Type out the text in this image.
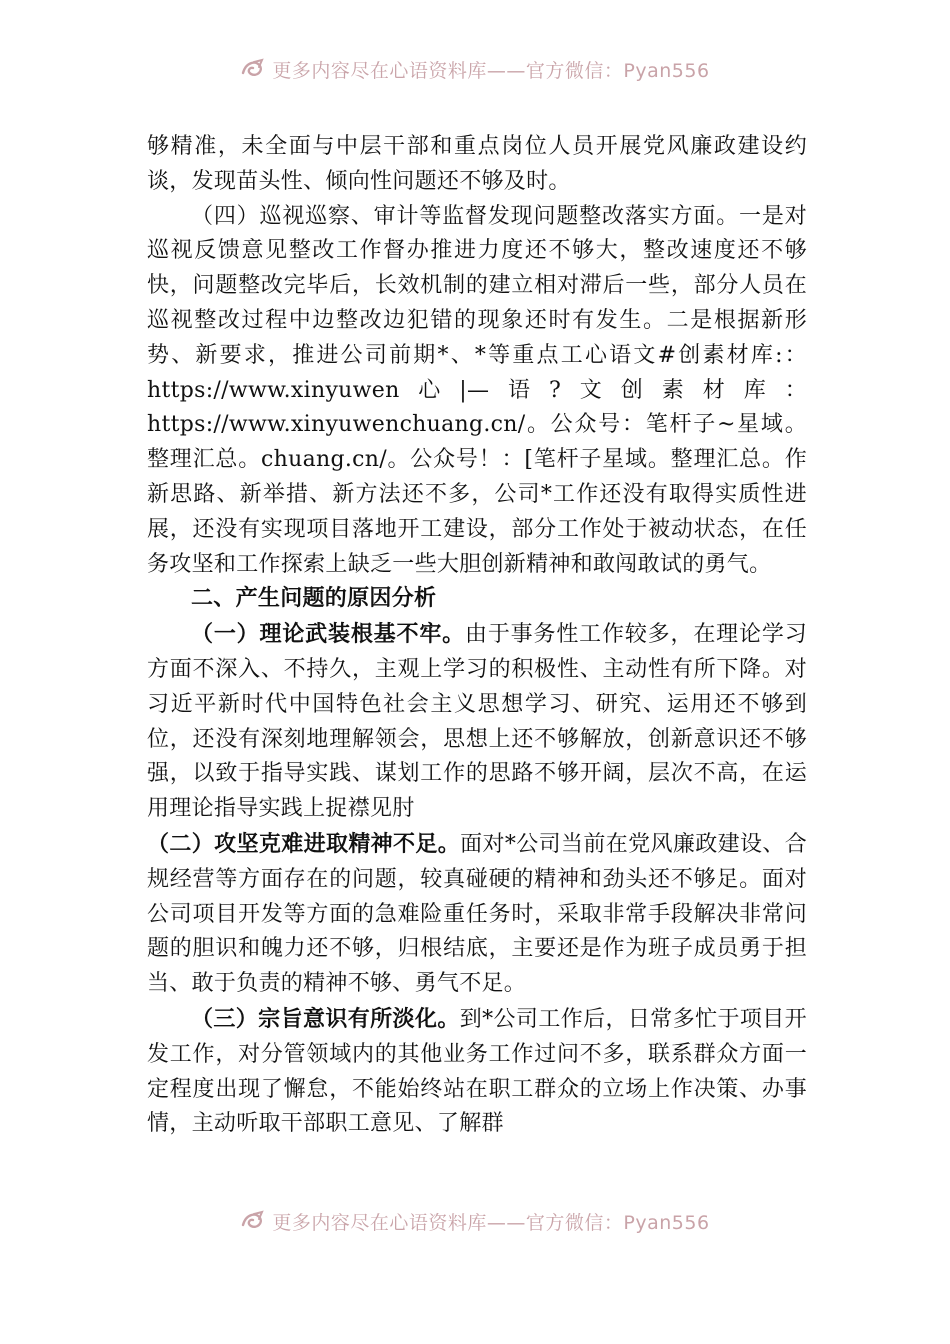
更多内容尽在心语资料库——官方微信：Pyan556

够精准，未全面与中层干部和重点岗位人员开展党风廉政建设约谈，发现苗头性、倾向性问题还不够及时。

（四）巡视巡察、审计等监督发现问题整改落实方面。一是对巡视反馈意见整改工作督办推进力度还不够大，整改速度还不够快，问题整改完毕后，长效机制的建立相对滞后一些，部分人员在巡视整改过程中边整改边犯错的现象还时有发生。二是根据新形势、新要求，推进公司前期*、*等重点工心语文#创素材库:：https://www.xinyuwen心|—语?文创素材库：https://www.xinyuwenchuang.cn/。公众号：笔杆子~星域。整理汇总。chuang.cn/。公众号！：[笔杆子星域。整理汇总。作新思路、新举措、新方法还不多，公司*工作还没有取得实质性进展，还没有实现项目落地开工建设，部分工作处于被动状态，在任务攻坚和工作探索上缺乏一些大胆创新精神和敢闯敢试的勇气。

二、产生问题的原因分析

（一）理论武装根基不牢。由于事务性工作较多，在理论学习方面不深入、不持久，主观上学习的积极性、主动性有所下降。对习近平新时代中国特色社会主义思想学习、研究、运用还不够到位，还没有深刻地理解领会，思想上还不够解放，创新意识还不够强，以致于指导实践、谋划工作的思路不够开阔，层次不高，在运用理论指导实践上捉襟见肘

（二）攻坚克难进取精神不足。面对*公司当前在党风廉政建设、合规经营等方面存在的问题，较真碰硬的精神和劲头还不够足。面对公司项目开发等方面的急难险重任务时，采取非常手段解决非常问题的胆识和魄力还不够，归根结底，主要还是作为班子成员勇于担当、敢于负责的精神不够、勇气不足。

（三）宗旨意识有所淡化。到*公司工作后，日常多忙于项目开发工作，对分管领域内的其他业务工作过问不多，联系群众方面一定程度出现了懈怠，不能始终站在职工群众的立场上作决策、办事情，主动听取干部职工意见、了解群

更多内容尽在心语资料库——官方微信：Pyan556
